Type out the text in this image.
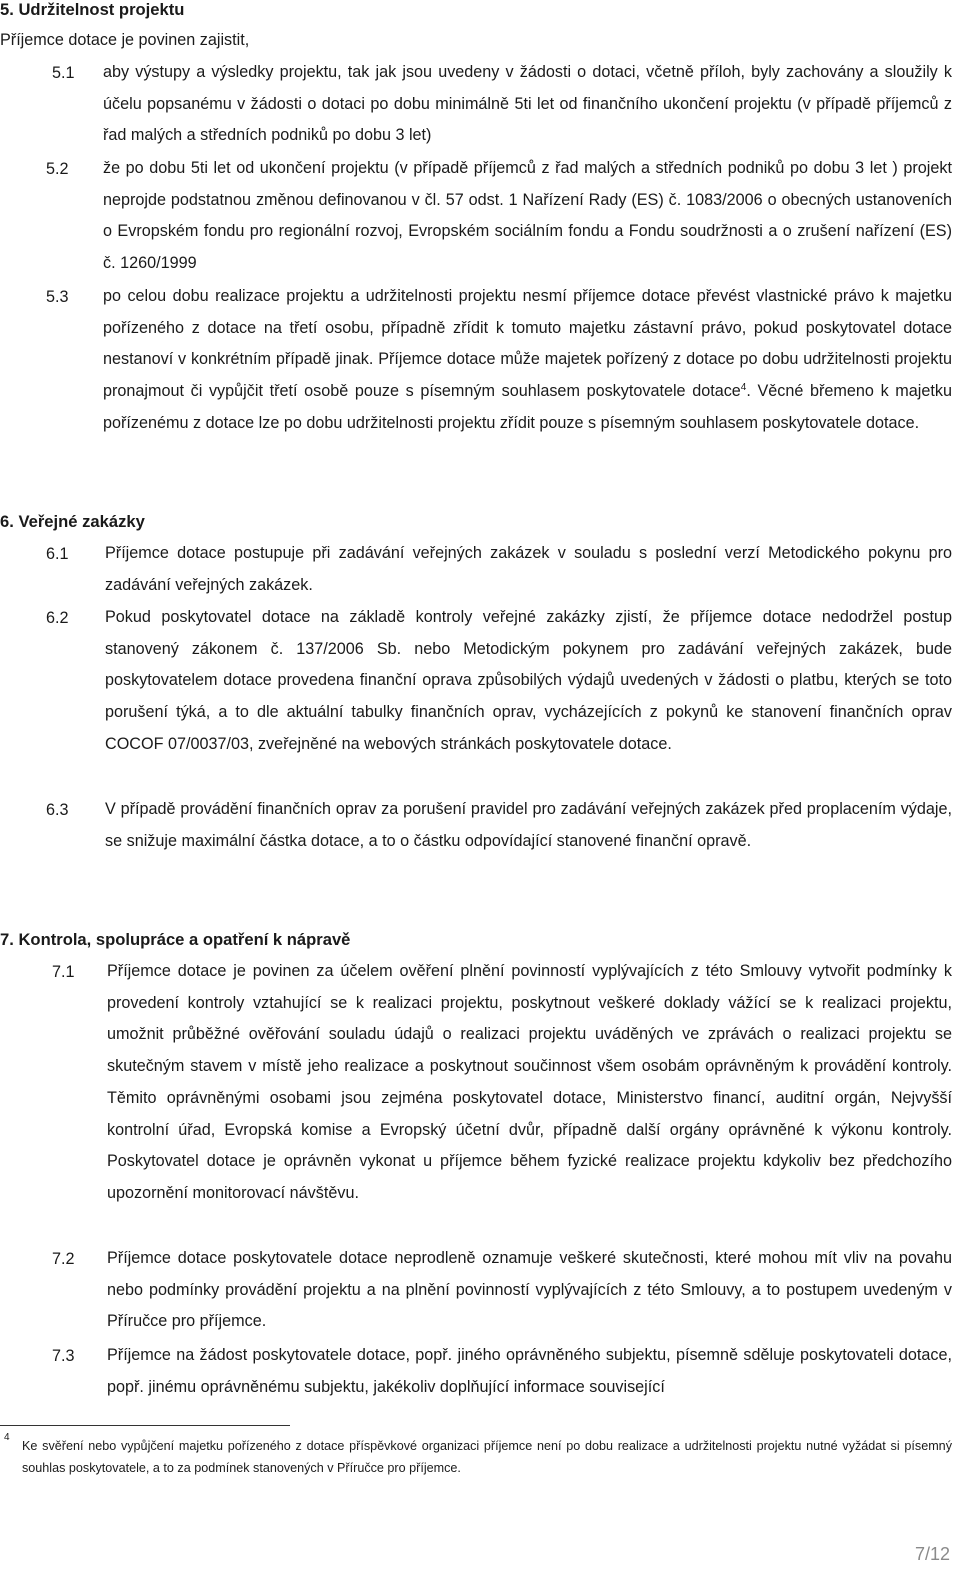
5. Udržitelnost projektu

Příjemce dotace je povinen zajistit,

5.1 aby výstupy a výsledky projektu, tak jak jsou uvedeny v žádosti o dotaci, včetně příloh, byly zachovány a sloužily k účelu popsanému v žádosti o dotaci po dobu minimálně 5ti let od finančního ukončení projektu (v případě příjemců z řad malých a středních podniků po dobu 3 let)

5.2 že po dobu 5ti let od ukončení projektu (v případě příjemců z řad malých a středních podniků po dobu 3 let ) projekt neprojde podstatnou změnou definovanou v čl. 57 odst. 1 Nařízení Rady (ES) č. 1083/2006 o obecných ustanoveních o Evropském fondu pro regionální rozvoj, Evropském sociálním fondu a Fondu soudržnosti a o zrušení nařízení (ES) č. 1260/1999

5.3 po celou dobu realizace projektu a udržitelnosti projektu nesmí příjemce dotace převést vlastnické právo k majetku pořízeného z dotace na třetí osobu, případně zřídit k tomuto majetku zástavní právo, pokud poskytovatel dotace nestanoví v konkrétním případě jinak. Příjemce dotace může majetek pořízený z dotace po dobu udržitelnosti projektu pronajmout či vypůjčit třetí osobě pouze s písemným souhlasem poskytovatele dotace$^4$. Věcné břemeno k majetku pořízenému z dotace lze po dobu udržitelnosti projektu zřídit pouze s písemným souhlasem poskytovatele dotace.

6. Veřejné zakázky
6.1 Příjemce dotace postupuje při zadávání veřejných zakázek v souladu s poslední verzí Metodického pokynu pro zadávání veřejných zakázek.

6.2 Pokud poskytovatel dotace na základě kontroly veřejné zakázky zjistí, že příjemce dotace nedodržel postup stanovený zákonem č. 137/2006 Sb. nebo Metodickým pokynem pro zadávání veřejných zakázek, bude poskytovatelem dotace provedena finanční oprava způsobilých výdajů uvedených v žádosti o platbu, kterých se toto porušení týká, a to dle aktuální tabulky finančních oprav, vycházejících z pokynů ke stanovení finančních oprav COCOF 07/0037/03, zveřejněné na webových stránkách poskytovatele dotace.

6.3 V případě provádění finančních oprav za porušení pravidel pro zadávání veřejných zakázek před proplacením výdaje, se snižuje maximální částka dotace, a to o částku odpovídající stanovené finanční opravě.

7. Kontrola, spolupráce a opatření k nápravě
7.1 Příjemce dotace je povinen za účelem ověření plnění povinností vyplývajících z této Smlouvy vytvořit podmínky k provedení kontroly vztahující se k realizaci projektu, poskytnout veškeré doklady vážící se k realizaci projektu, umožnit průběžné ověřování souladu údajů o realizaci projektu uváděných ve zprávách o realizaci projektu se skutečným stavem v místě jeho realizace a poskytnout součinnost všem osobám oprávněným k provádění kontroly. Těmito oprávněnými osobami jsou zejména poskytovatel dotace, Ministerstvo financí, auditní orgán, Nejvyšší kontrolní úřad, Evropská komise a Evropský účetní dvůr, případně další orgány oprávněné k výkonu kontroly. Poskytovatel dotace je oprávněn vykonat u příjemce během fyzické realizace projektu kdykoliv bez předchozího upozornění monitorovací návštěvu.

7.2 Příjemce dotace poskytovatele dotace neprodleně oznamuje veškeré skutečnosti, které mohou mít vliv na povahu nebo podmínky provádění projektu a na plnění povinností vyplývajících z této Smlouvy, a to postupem uvedeným v Příručce pro příjemce.

7.3 Příjemce na žádost poskytovatele dotace, popř. jiného oprávněného subjektu, písemně sděluje poskytovateli dotace, popř. jinému oprávněnému subjektu, jakékoliv doplňující informace související

4

Ke svěření nebo vypůjčení majetku pořízeného z dotace příspěvkové organizaci příjemce není po dobu realizace a udržitelnosti projektu nutné vyžádat si písemný souhlas poskytovatele, a to za podmínek stanovených v Příručce pro příjemce.

7/12
